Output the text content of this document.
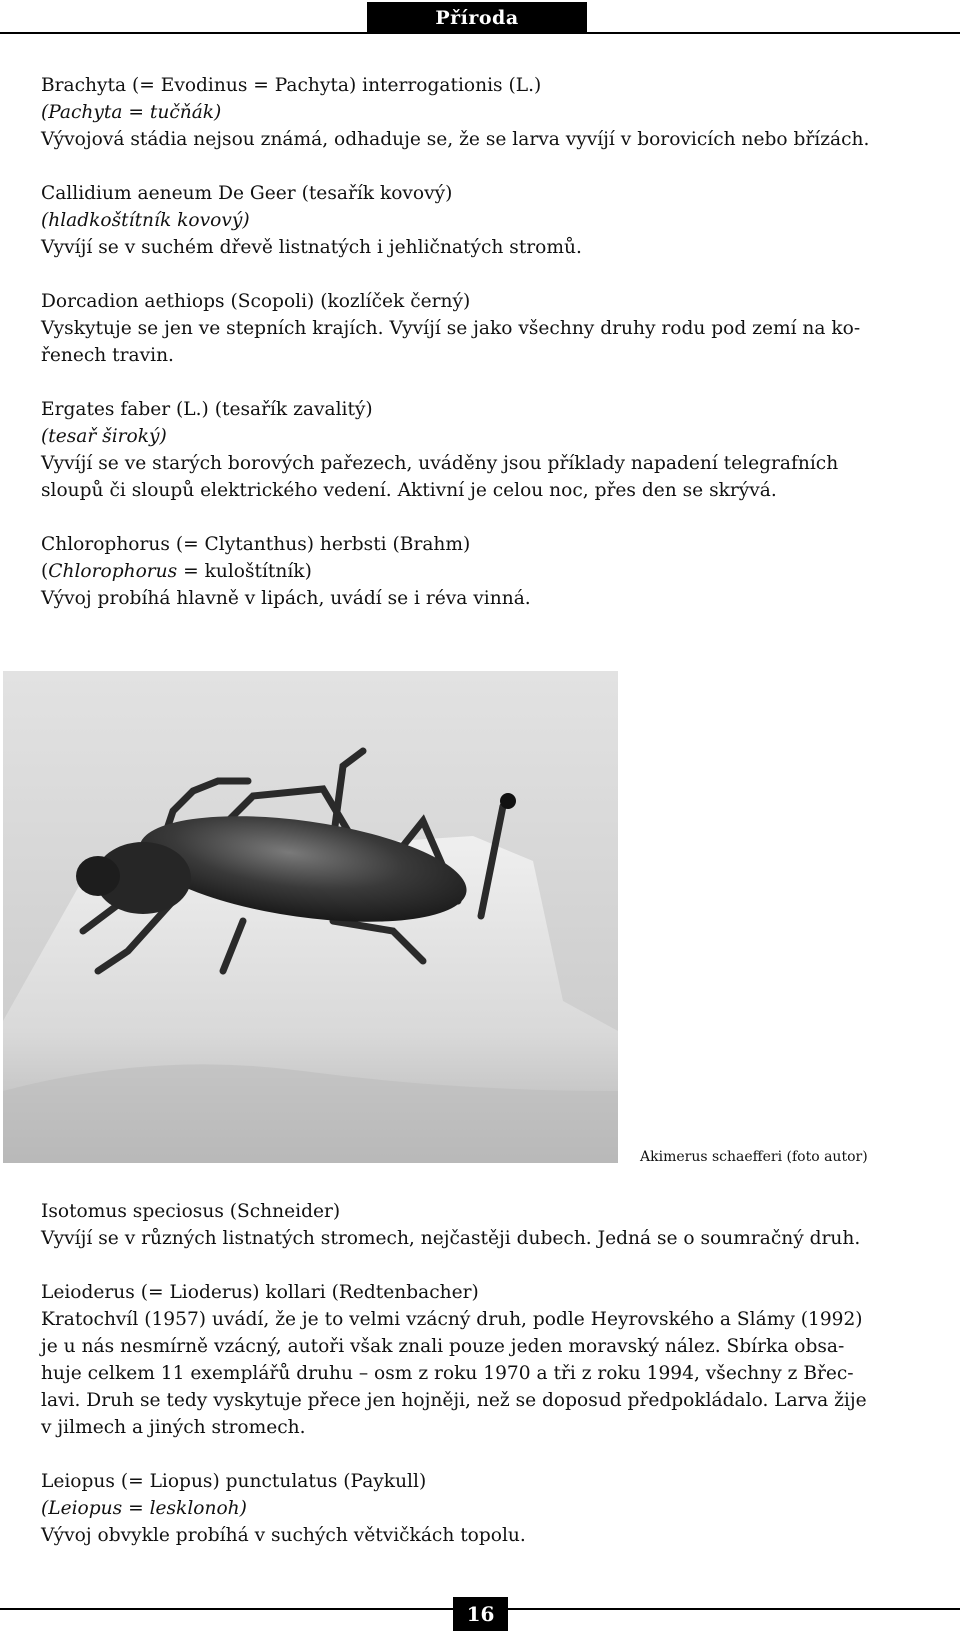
Příroda

Brachyta (= Evodinus = Pachyta) interrogationis (L.)

(Pachyta = tučňák)

Vývojová stádia nejsou známá, odhaduje se, že se larva vyvíjí v borovicích nebo břízách.

Callidium aeneum De Geer (tesařík kovový)

(hladkoštítník kovový)

Vyvíjí se v suchém dřevě listnatých i jehličnatých stromů.

Dorcadion aethiops (Scopoli) (kozlíček černý)

Vyskytuje se jen ve stepních krajích. Vyvíjí se jako všechny druhy rodu pod zemí na ko-

řenech travin.

Ergates faber (L.) (tesařík zavalitý)

(tesař široký)

Vyvíjí se ve starých borových pařezech, uváděny jsou příklady napadení telegrafních

sloupů či sloupů elektrického vedení. Aktivní je celou noc, přes den se skrývá.

Chlorophorus (= Clytanthus) herbsti (Brahm)

(Chlorophorus = kuloštítník)

Vývoj probíhá hlavně v lipách, uvádí se i réva vinná.

Akimerus schaefferi (foto autor)

Isotomus speciosus (Schneider)

Vyvíjí se v různých listnatých stromech, nejčastěji dubech. Jedná se o soumračný druh.

Leioderus (= Lioderus) kollari (Redtenbacher)

Kratochvíl (1957) uvádí, že je to velmi vzácný druh, podle Heyrovského a Slámy (1992)

je u nás nesmírně vzácný, autoři však znali pouze jeden moravský nález. Sbírka obsa-

huje celkem 11 exemplářů druhu – osm z roku 1970 a tři z roku 1994, všechny z Břec-

lavi. Druh se tedy vyskytuje přece jen hojněji, než se doposud předpokládalo. Larva žije

v jilmech a jiných stromech.

Leiopus (= Liopus) punctulatus (Paykull)

(Leiopus = lesklonoh)

Vývoj obvykle probíhá v suchých větvičkách topolu.

16
